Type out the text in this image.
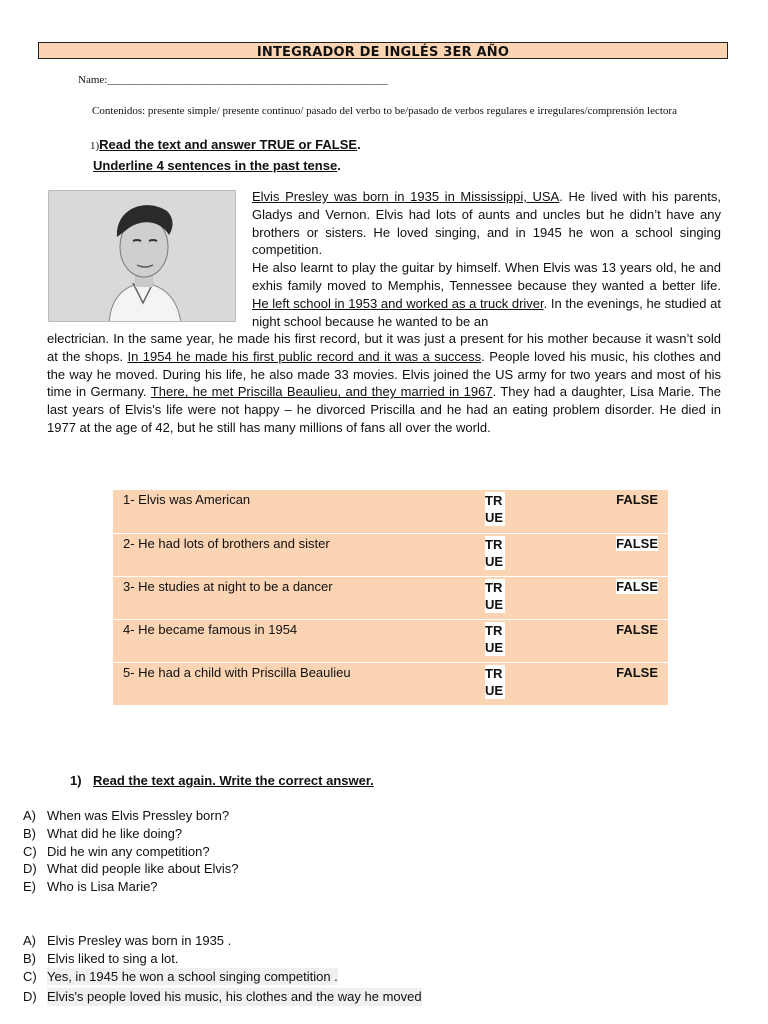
INTEGRADOR DE INGLÉS 3ER AÑO
Name:___________________________________________________
Contenidos: presente simple/ presente continuo/ pasado del verbo to be/pasado de verbos regulares e irregulares/comprensión lectora
1)Read the text and answer TRUE or FALSE.
Underline 4 sentences in the past tense.

Elvis Presley was born in 1935 in Mississippi, USA. He lived with his parents, Gladys and Vernon. Elvis had lots of aunts and uncles but he didn’t have any brothers or sisters. He loved singing, and in 1945 he won a school singing competition.
He also learnt to play the guitar by himself. When Elvis was 13 years old, he and exhis family moved to Memphis, Tennessee because they wanted a better life. He left school in 1953 and worked as a truck driver. In the evenings, he studied at night school because he wanted to be an

electrician. In the same year, he made his first record, but it was just a present for his mother because it wasn’t sold at the shops. In 1954 he made his first public record and it was a success. People loved his music, his clothes and the way he moved. During his life, he also made 33 movies. Elvis joined the US army for two years and most of his time in Germany. There, he met Priscilla Beaulieu, and they married in 1967. They had a daughter, Lisa Marie. The last years of Elvis's life were not happy – he divorced Priscilla and he had an eating problem disorder. He died in 1977 at the age of 42, but he still has many millions of fans all over the world.

1- Elvis was American	TRUE	FALSE
2- He had lots of brothers and sister	TRUE	FALSE
3- He studies at night to be a dancer	TRUE	FALSE
4- He became famous in 1954	TRUE	FALSE
5- He had a child with Priscilla Beaulieu	TRUE	FALSE
1) Read the text again. Write the correct answer.
A) When was Elvis Pressley born?
B) What did he like doing?
C) Did he win any competition?
D) What did people like about Elvis?
E) Who is Lisa Marie?
A) Elvis Presley was born in 1935 .
B) Elvis liked to sing a lot.
C) Yes, in 1945 he won a school singing competition .
D) Elvis's people loved his music, his clothes and the way he moved
